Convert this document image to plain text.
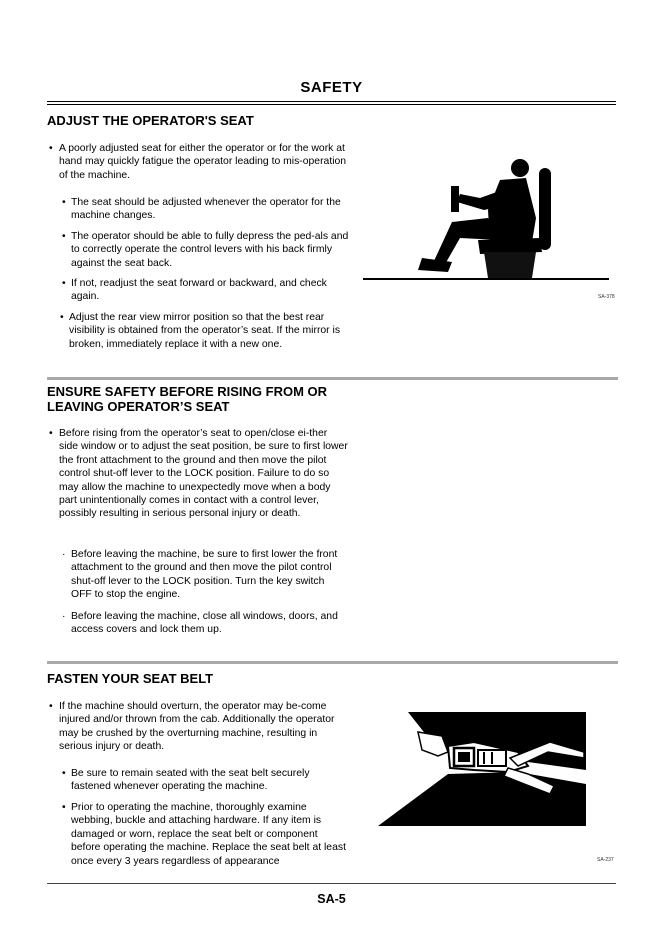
SAFETY
ADJUST THE OPERATOR'S SEAT
• A poorly adjusted seat for either the operator or for the work at hand may quickly fatigue the operator leading to mis-operation of the machine.

• The seat should be adjusted whenever the operator for the machine changes.

• The operator should be able to fully depress the ped-als and to correctly operate the control levers with his back firmly against the seat back.

• If not, readjust the seat forward or backward, and check again.

• Adjust the rear view mirror position so that the best rear visibility is obtained from the operator’s seat. If the mirror is broken, immediately replace it with a new one.

SA-378
ENSURE SAFETY BEFORE RISING FROM OR LEAVING OPERATOR’S SEAT
• Before rising from the operator’s seat to open/close ei-ther side window or to adjust the seat position, be sure to first lower the front attachment to the ground and then move the pilot control shut-off lever to the LOCK position. Failure to do so may allow the machine to unexpectedly move when a body part unintentionally comes in contact with a control lever, possibly resulting in serious personal injury or death.

· Before leaving the machine, be sure to first lower the front attachment to the ground and then move the pilot control shut-off lever to the LOCK position. Turn the key switch OFF to stop the engine.

· Before leaving the machine, close all windows, doors, and access covers and lock them up.

FASTEN YOUR SEAT BELT
• If the machine should overturn, the operator may be-come injured and/or thrown from the cab. Additionally the operator may be crushed by the overturning machine, resulting in serious injury or death.

• Be sure to remain seated with the seat belt securely fastened whenever operating the machine.

• Prior to operating the machine, thoroughly examine webbing, buckle and attaching hardware. If any item is damaged or worn, replace the seat belt or component before operating the machine. Replace the seat belt at least once every 3 years regardless of appearance	SA-237
SA-5
